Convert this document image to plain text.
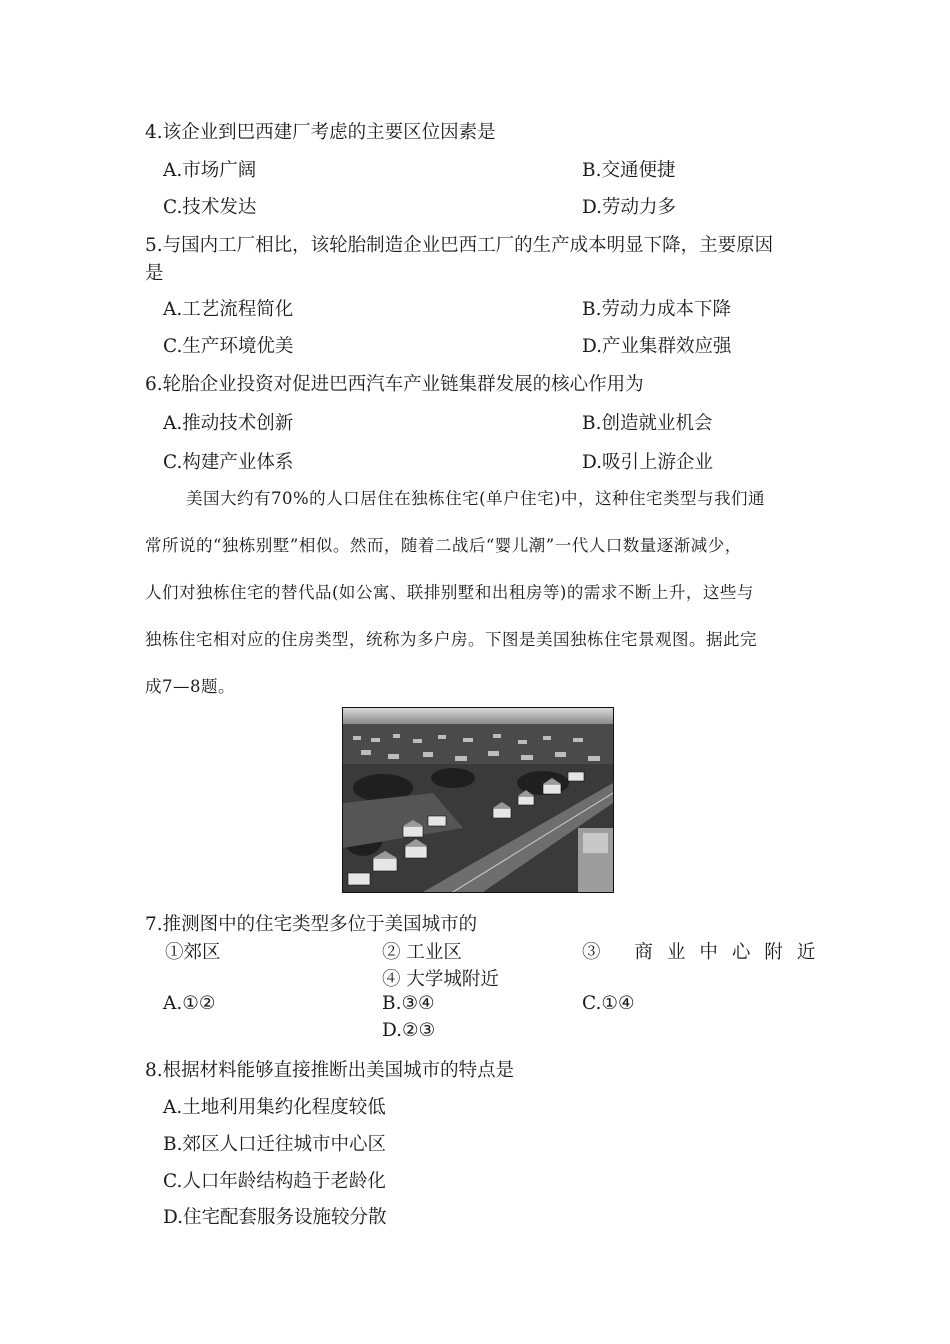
4.该企业到巴西建厂考虑的主要区位因素是
A.市场广阔	B.交通便捷
C.技术发达	D.劳动力多
5.与国内工厂相比，该轮胎制造企业巴西工厂的生产成本明显下降，主要原因
是
A.工艺流程简化	B.劳动力成本下降
C.生产环境优美	D.产业集群效应强
6.轮胎企业投资对促进巴西汽车产业链集群发展的核心作用为
A.推动技术创新	B.创造就业机会
C.构建产业体系	D.吸引上游企业
美国大约有70%的人口居住在独栋住宅(单户住宅)中，这种住宅类型与我们通
常所说的“独栋别墅”相似。然而，随着二战后“婴儿潮”一代人口数量逐渐减少，
人们对独栋住宅的替代品(如公寓、联排别墅和出租房等)的需求不断上升，这些与
独栋住宅相对应的住房类型，统称为多户房。下图是美国独栋住宅景观图。据此完
成7—8题。
7.推测图中的住宅类型多位于美国城市的
①郊区	② 工业区	③ 商业中心附近
④ 大学城附近
A.①②	B.③④	C.①④
D.②③
8.根据材料能够直接推断出美国城市的特点是
A.土地利用集约化程度较低
B.郊区人口迁往城市中心区
C.人口年龄结构趋于老龄化
D.住宅配套服务设施较分散
